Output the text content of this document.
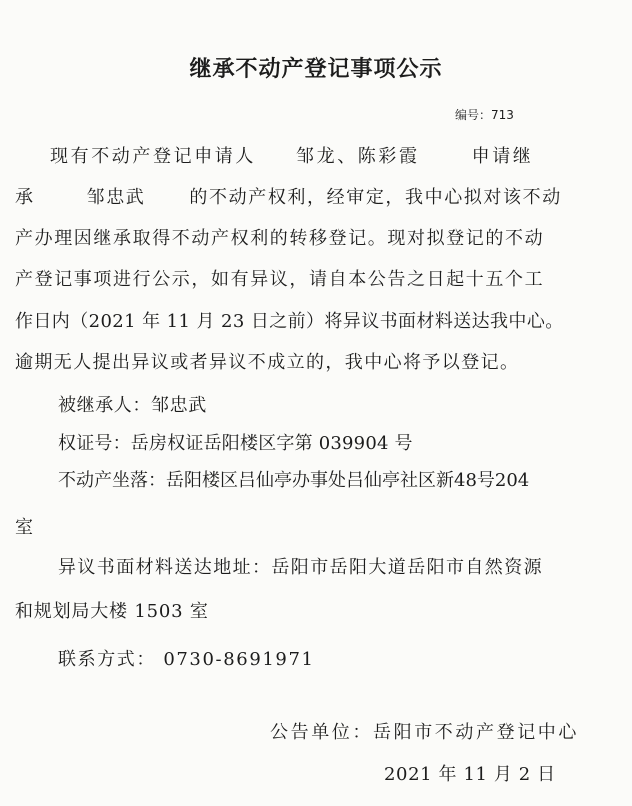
继承不动产登记事项公示
编号：713
现有不动产登记申请人 邹龙、陈彩霞	申请继
承	邹忠武 的不动产权利，经审定，我中心拟对该不动
产办理因继承取得不动产权利的转移登记。现对拟登记的不动
产登记事项进行公示，如有异议，请自本公告之日起十五个工
作日内（2021 年 11 月 23 日之前）将异议书面材料送达我中心。
逾期无人提出异议或者异议不成立的，我中心将予以登记。
被继承人：邹忠武
权证号：岳房权证岳阳楼区字第 039904 号
不动产坐落：岳阳楼区吕仙亭办事处吕仙亭社区新48号204
室
异议书面材料送达地址：岳阳市岳阳大道岳阳市自然资源
和规划局大楼 1503 室
联系方式： 0730-8691971
公告单位：岳阳市不动产登记中心
2021 年 11 月 2 日
